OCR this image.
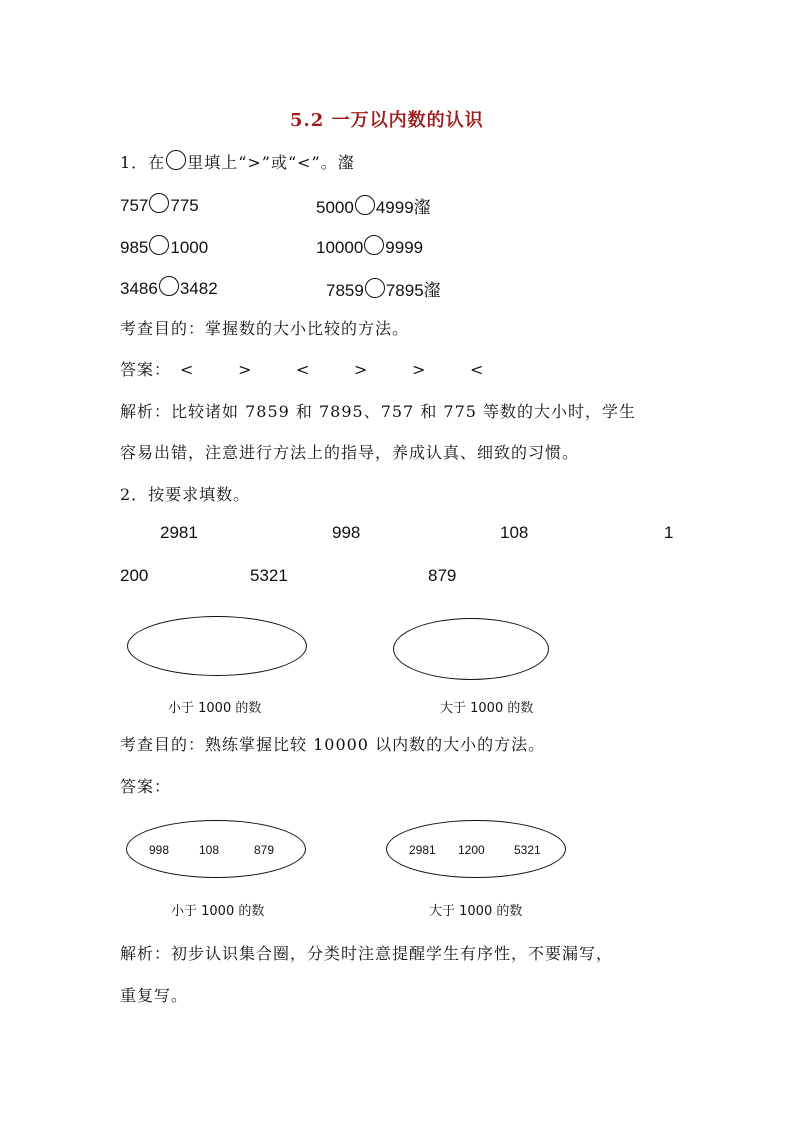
5.2 一万以内数的认识
1．在 里填上“>”或“<”。瀣
757 775	5000 4999瀣
985 1000	10000 9999
3486 3482	7859 7895瀣
考查目的：掌握数的大小比较的方法。
答案： <	>	<	>	>	<
解析：比较诸如 7859 和 7895、757 和 775 等数的大小时，学生
容易出错，注意进行方法上的指导，养成认真、细致的习惯。
2．按要求填数。
2981	998	108	1
200	5321	879
小于 1000 的数	大于 1000 的数
考查目的：熟练掌握比较 10000 以内数的大小的方法。
答案：
998 108	879	2981 1200 5321
小于 1000 的数	大于 1000 的数
解析：初步认识集合圈，分类时注意提醒学生有序性，不要漏写，
重复写。
